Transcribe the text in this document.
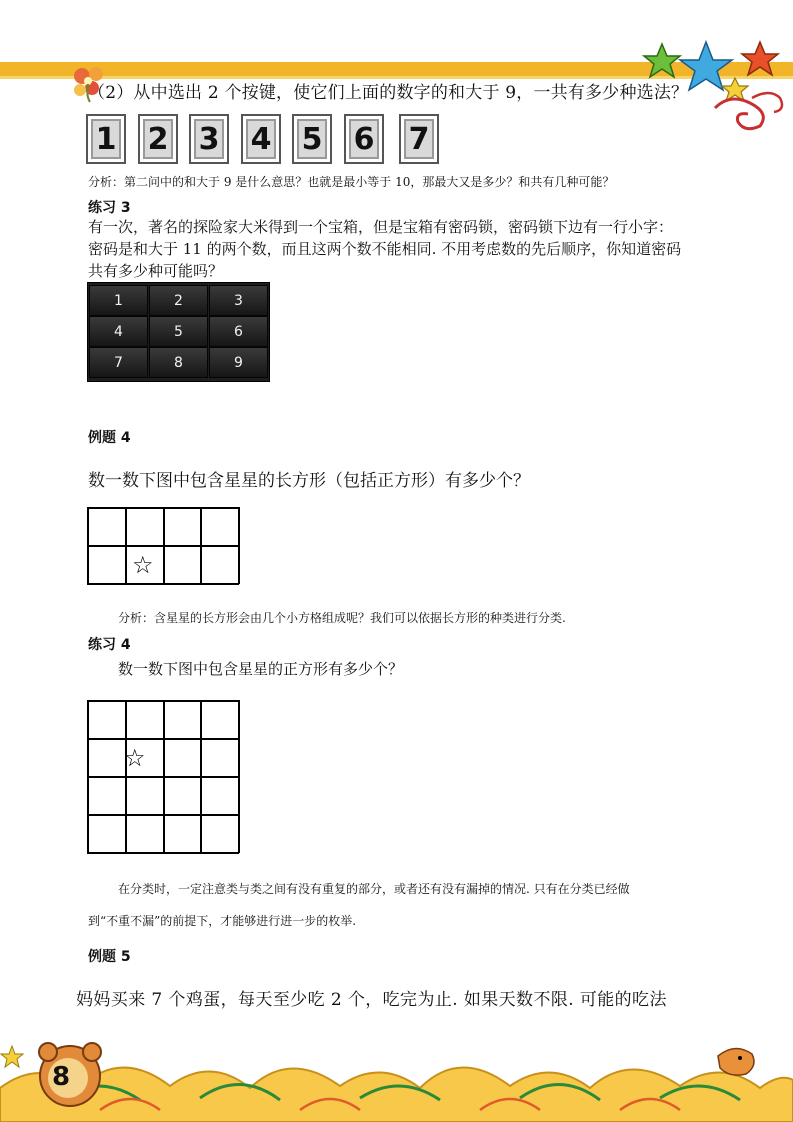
（2）从中选出 2 个按键，使它们上面的数字的和大于 9，一共有多少种选法？
1	2	3	4	5	6	7
分析：第二问中的和大于 9 是什么意思？也就是最小等于 10，那最大又是多少？和共有几种可能？
练习 3
有一次，著名的探险家大米得到一个宝箱，但是宝箱有密码锁，密码锁下边有一行小字：
密码是和大于 11 的两个数，而且这两个数不能相同. 不用考虑数的先后顺序，你知道密码
共有多少种可能吗？
1	2	3
4	5	6
7	8	9
例题 4
数一数下图中包含星星的长方形（包括正方形）有多少个？
☆
分析：含星星的长方形会由几个小方格组成呢？我们可以依据长方形的种类进行分类.
练习 4
数一数下图中包含星星的正方形有多少个？
☆
在分类时，一定注意类与类之间有没有重复的部分，或者还有没有漏掉的情况. 只有在分类已经做
到“不重不漏”的前提下，才能够进行进一步的枚举.
例题 5
妈妈买来 7 个鸡蛋，每天至少吃 2 个，吃完为止. 如果天数不限. 可能的吃法
8
